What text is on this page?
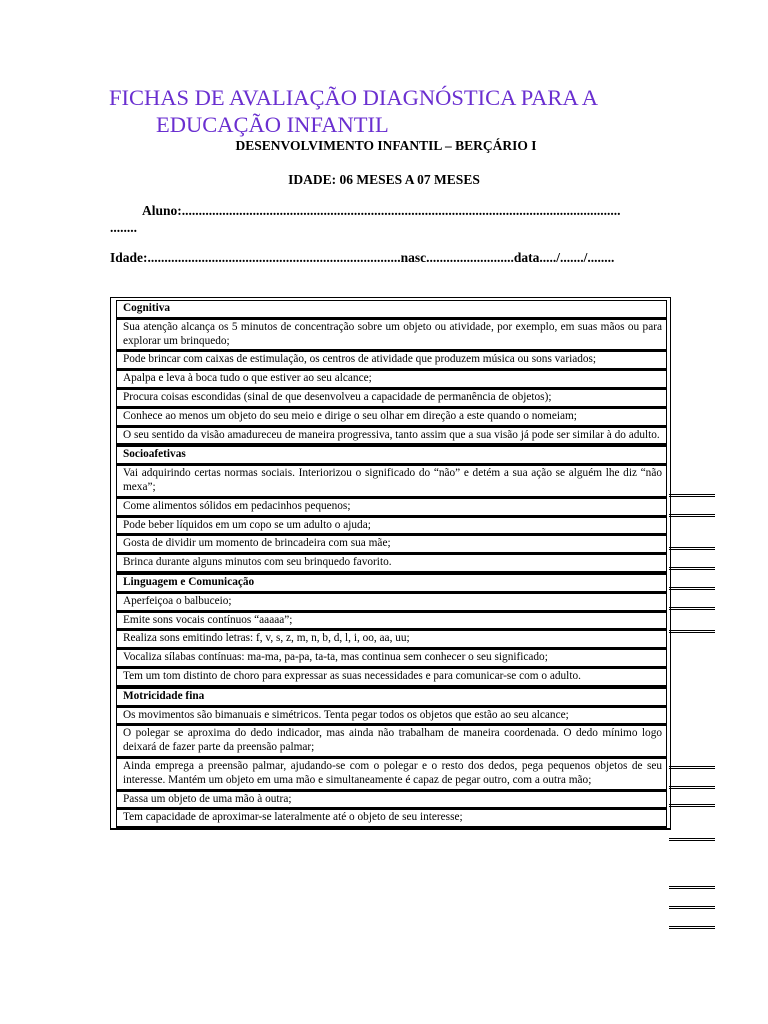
FICHAS DE AVALIAÇÃO DIAGNÓSTICA PARA A
EDUCAÇÃO INFANTIL
DESENVOLVIMENTO INFANTIL – BERÇÁRIO I
IDADE: 06 MESES A 07 MESES
Aluno:..................................................................................................................................
........
Idade:...........................................................................nasc..........................data...../......./........
Cognitiva
Sua atenção alcança os 5 minutos de concentração sobre um objeto ou atividade, por exemplo, em suas mãos ou para explorar um brinquedo;
Pode brincar com caixas de estimulação, os centros de atividade que produzem música ou sons variados;
Apalpa e leva à boca tudo o que estiver ao seu alcance;
Procura coisas escondidas (sinal de que desenvolveu a capacidade de permanência de objetos);
Conhece ao menos um objeto do seu meio e dirige o seu olhar em direção a este quando o nomeiam;
O seu sentido da visão amadureceu de maneira progressiva, tanto assim que a sua visão já pode ser similar à do adulto.
Socioafetivas
Vai adquirindo certas normas sociais. Interiorizou o significado do “não” e detém a sua ação se alguém lhe diz “não mexa”;
Come alimentos sólidos em pedacinhos pequenos;
Pode beber líquidos em um copo se um adulto o ajuda;
Gosta de dividir um momento de brincadeira com sua mãe;
Brinca durante alguns minutos com seu brinquedo favorito.
Linguagem e Comunicação
Aperfeiçoa o balbuceio;
Emite sons vocais contínuos “aaaaa”;
Realiza sons emitindo letras: f, v, s, z, m, n, b, d, l, i, oo, aa, uu;
Vocaliza sílabas contínuas: ma-ma, pa-pa, ta-ta, mas continua sem conhecer o seu significado;
Tem um tom distinto de choro para expressar as suas necessidades e para comunicar-se com o adulto.
Motricidade fina
Os movimentos são bimanuais e simétricos. Tenta pegar todos os objetos que estão ao seu alcance;
O polegar se aproxima do dedo indicador, mas ainda não trabalham de maneira coordenada. O dedo mínimo logo deixará de fazer parte da preensão palmar;
Ainda emprega a preensão palmar, ajudando-se com o polegar e o resto dos dedos, pega pequenos objetos de seu interesse. Mantém um objeto em uma mão e simultaneamente é capaz de pegar outro, com a outra mão;
Passa um objeto de uma mão à outra;
Tem capacidade de aproximar-se lateralmente até o objeto de seu interesse;
